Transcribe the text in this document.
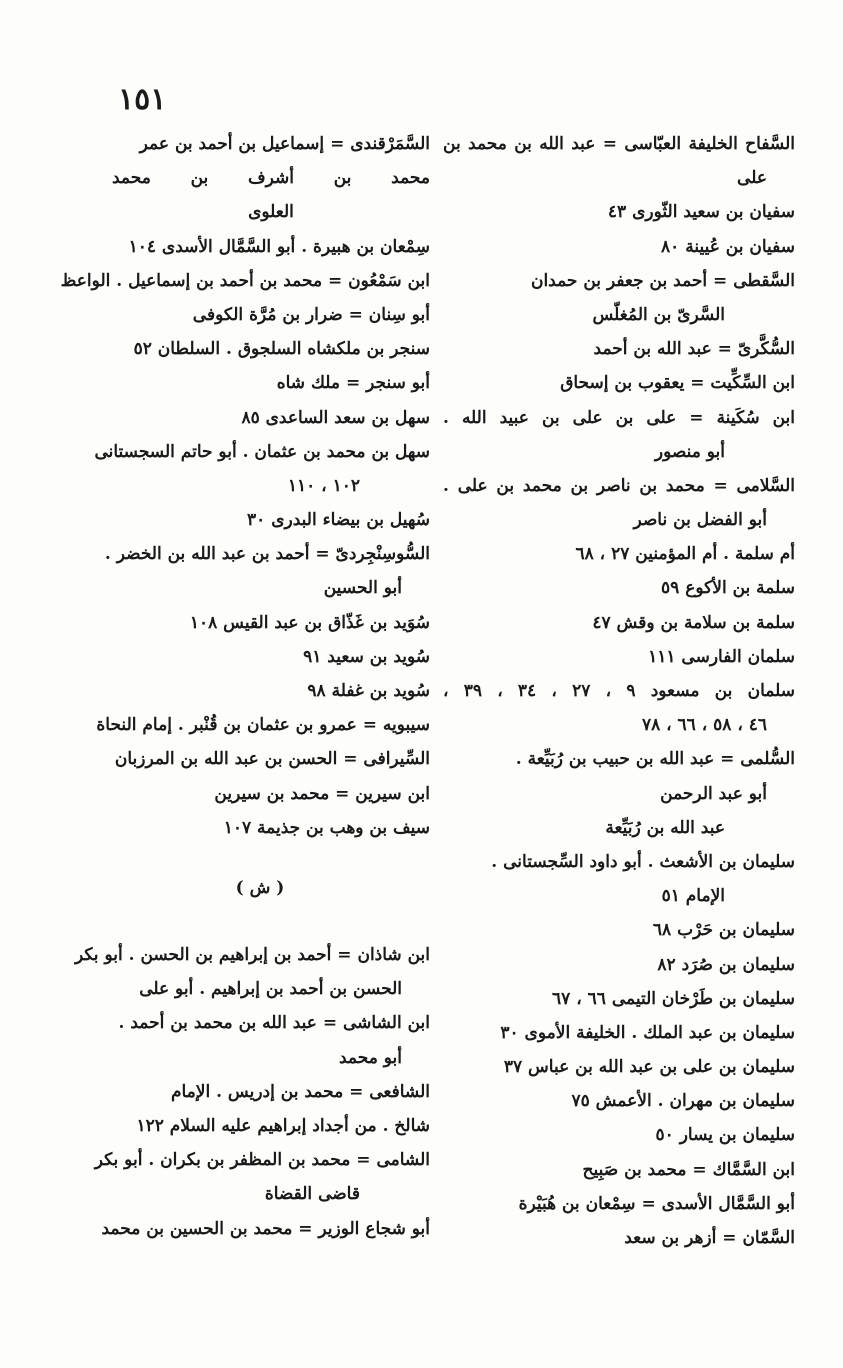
١٥١
السَّفاح الخليفة العبّاسى = عبد الله بن محمد بن
على
سفيان بن سعيد الثّورى ٤٣
سفيان بن عُيينة ٨٠
السَّقطى = أحمد بن جعفر بن حمدان
السَّرىّ بن المُغلّس
السُّكَّرىّ = عبد الله بن أحمد
ابن السِّكِّيت = يعقوب بن إسحاق
ابن سُكَينة = على بن على بن عبيد الله .
أبو منصور
السَّلامى = محمد بن ناصر بن محمد بن على .
أبو الفضل بن ناصر
أم سلمة . أم المؤمنين ٢٧ ، ٦٨
سلمة بن الأكوع ٥٩
سلمة بن سلامة بن وقش ٤٧
سلمان الفارسى ١١١
سلمان بن مسعود ٩ ، ٢٧ ، ٣٤ ، ٣٩ ،
٤٦ ، ٥٨ ، ٦٦ ، ٧٨
السُّلمى = عبد الله بن حبيب بن رُبَيِّعة .
أبو عبد الرحمن
عبد الله بن رُبَيِّعة
سليمان بن الأشعث . أبو داود السِّجستانى .
الإمام ٥١
سليمان بن حَرْب ٦٨
سليمان بن صُرَد ٨٢
سليمان بن طَرْخان التيمى ٦٦ ، ٦٧
سليمان بن عبد الملك . الخليفة الأموى ٣٠
سليمان بن على بن عبد الله بن عباس ٣٧
سليمان بن مهران . الأعمش ٧٥
سليمان بن يسار ٥٠
ابن السَّمَّاك = محمد بن صَبِيح
أبو السَّمَّال الأسدى = سِمْعان بن هُبَيْرة
السَّمّان = أزهر بن سعد
السَّمَرْقندى = إسماعيل بن أحمد بن عمر
محمد بن أشرف بن محمد
العلوى
سِمْعان بن هبيرة . أبو السَّمَّال الأسدى ١٠٤
ابن سَمْعُون = محمد بن أحمد بن إسماعيل . الواعظ
أبو سِنان = ضرار بن مُرَّة الكوفى
سنجر بن ملكشاه السلجوق . السلطان ٥٢
أبو سنجر = ملك شاه
سهل بن سعد الساعدى ٨٥
سهل بن محمد بن عثمان . أبو حاتم السجستانى
١٠٢ ، ١١٠
سُهيل بن بيضاء البدرى ٣٠
السُّوسِنْجِردىّ = أحمد بن عبد الله بن الخضر .
أبو الحسين
سُوَيد بن غَذّاق بن عبد القيس ١٠٨
سُويد بن سعيد ٩١
سُويد بن غفلة ٩٨
سيبويه = عمرو بن عثمان بن قُنْبر . إمام النحاة
السِّيرافى = الحسن بن عبد الله بن المرزبان
ابن سيرين = محمد بن سيرين
سيف بن وهب بن جذيمة ١٠٧
( ش )
ابن شاذان = أحمد بن إبراهيم بن الحسن . أبو بكر
الحسن بن أحمد بن إبراهيم . أبو على
ابن الشاشى = عبد الله بن محمد بن أحمد .
أبو محمد
الشافعى = محمد بن إدريس . الإمام
شالخ . من أجداد إبراهيم عليه السلام ١٢٢
الشامى = محمد بن المظفر بن بكران . أبو بكر
قاضى القضاة
أبو شجاع الوزير = محمد بن الحسين بن محمد
